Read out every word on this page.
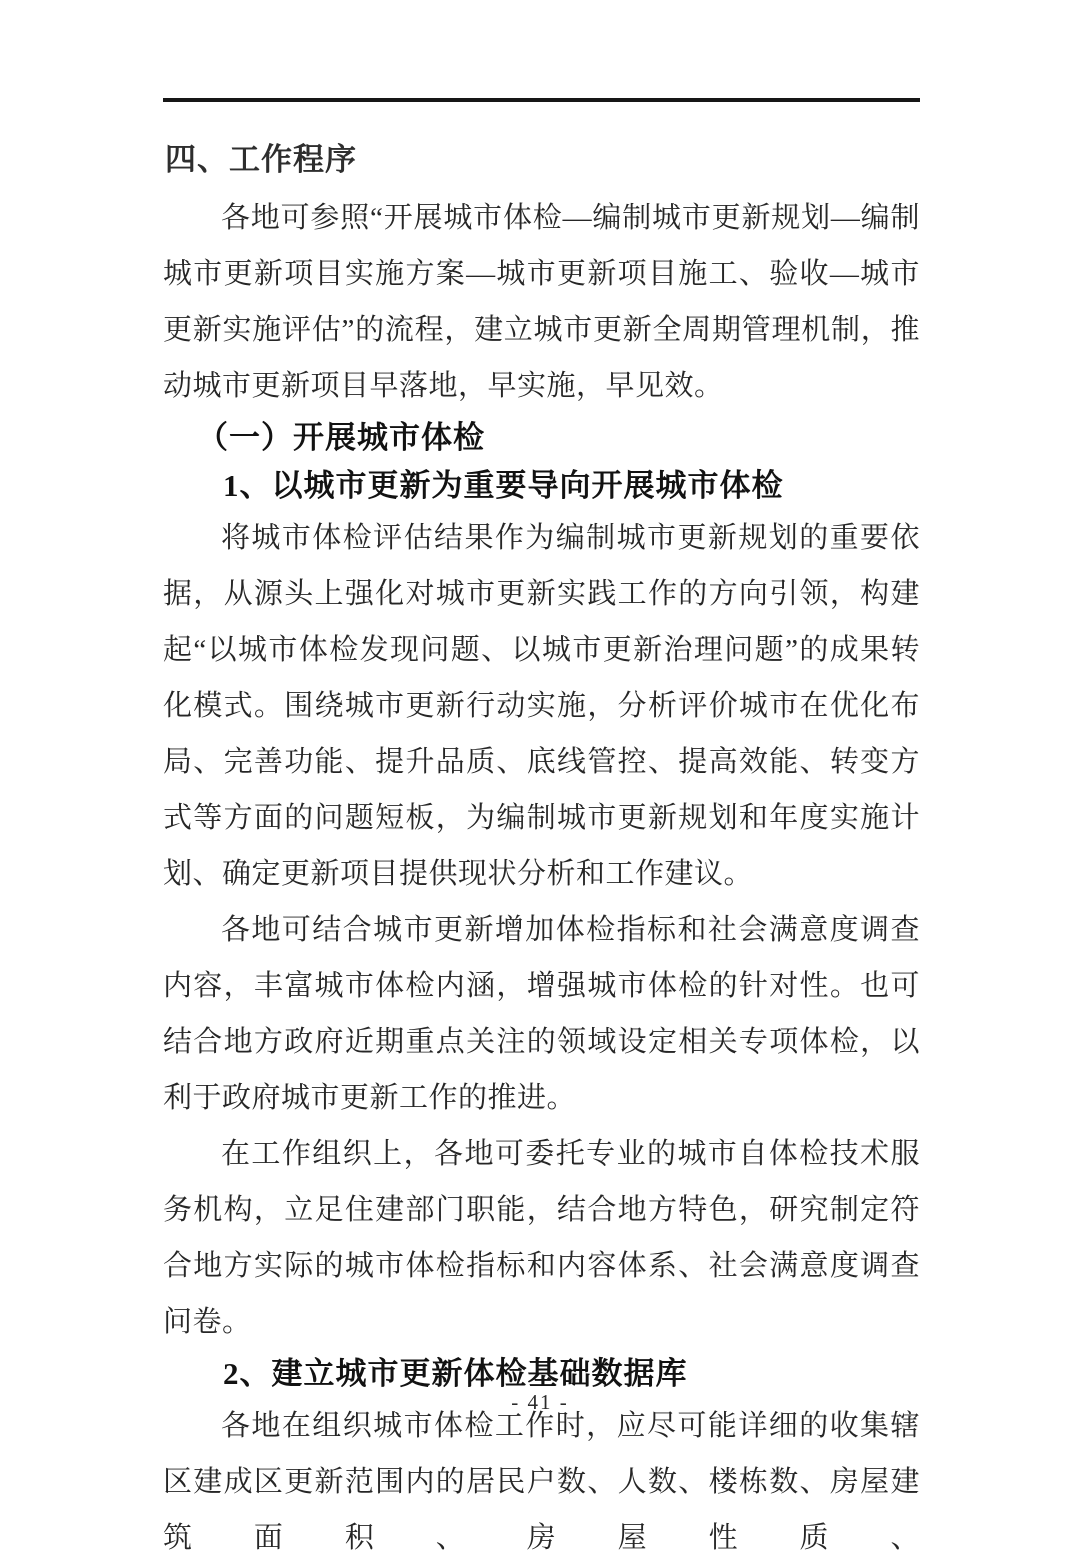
四、工作程序

各地可参照“开展城市体检—编制城市更新规划—编制城市更新项目实施方案—城市更新项目施工、验收—城市更新实施评估”的流程，建立城市更新全周期管理机制，推动城市更新项目早落地，早实施，早见效。

（一）开展城市体检
1、以城市更新为重要导向开展城市体检

将城市体检评估结果作为编制城市更新规划的重要依据，从源头上强化对城市更新实践工作的方向引领，构建起“以城市体检发现问题、以城市更新治理问题”的成果转化模式。围绕城市更新行动实施，分析评价城市在优化布局、完善功能、提升品质、底线管控、提高效能、转变方式等方面的问题短板，为编制城市更新规划和年度实施计划、确定更新项目提供现状分析和工作建议。

各地可结合城市更新增加体检指标和社会满意度调查内容，丰富城市体检内涵，增强城市体检的针对性。也可结合地方政府近期重点关注的领域设定相关专项体检，以利于政府城市更新工作的推进。

在工作组织上，各地可委托专业的城市自体检技术服务机构，立足住建部门职能，结合地方特色，研究制定符合地方实际的城市体检指标和内容体系、社会满意度调查问卷。

2、建立城市更新体检基础数据库

各地在组织城市体检工作时，应尽可能详细的收集辖区建成区更新范围内的居民户数、人数、楼栋数、房屋建筑面积、房屋性质、

- 41 -
